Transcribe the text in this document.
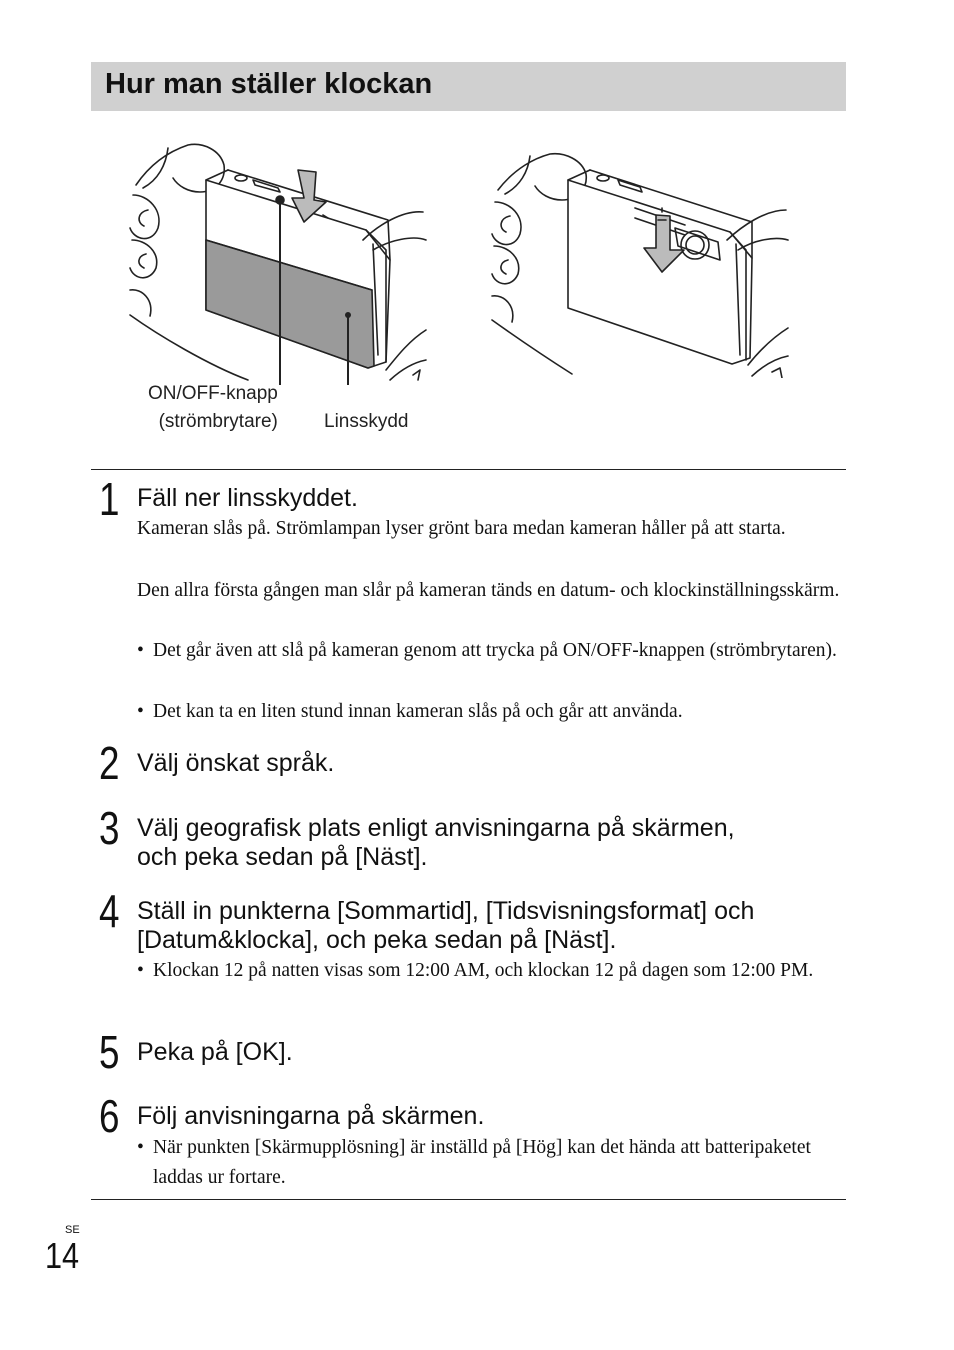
Hur man ställer klockan
ON/OFF-knapp
(strömbrytare) Linsskydd
1 Fäll ner linsskyddet.
Kameran slås på. Strömlampan lyser grönt bara medan kameran håller på att starta.
Den allra första gången man slår på kameran tänds en datum- och klockinställningsskärm.
• Det går även att slå på kameran genom att trycka på ON/OFF-knappen (strömbrytaren).
• Det kan ta en liten stund innan kameran slås på och går att använda.
2 Välj önskat språk.
3 Välj geografisk plats enligt anvisningarna på skärmen,
och peka sedan på [Näst].
4 Ställ in punkterna [Sommartid], [Tidsvisningsformat] och
[Datum&klocka], och peka sedan på [Näst].
• Klockan 12 på natten visas som 12:00 AM, och klockan 12 på dagen som 12:00 PM.
5 Peka på [OK].
6 Följ anvisningarna på skärmen.
• När punkten [Skärmupplösning] är inställd på [Hög] kan det hända att batteripaketet laddas ur fortare.
SE
14
